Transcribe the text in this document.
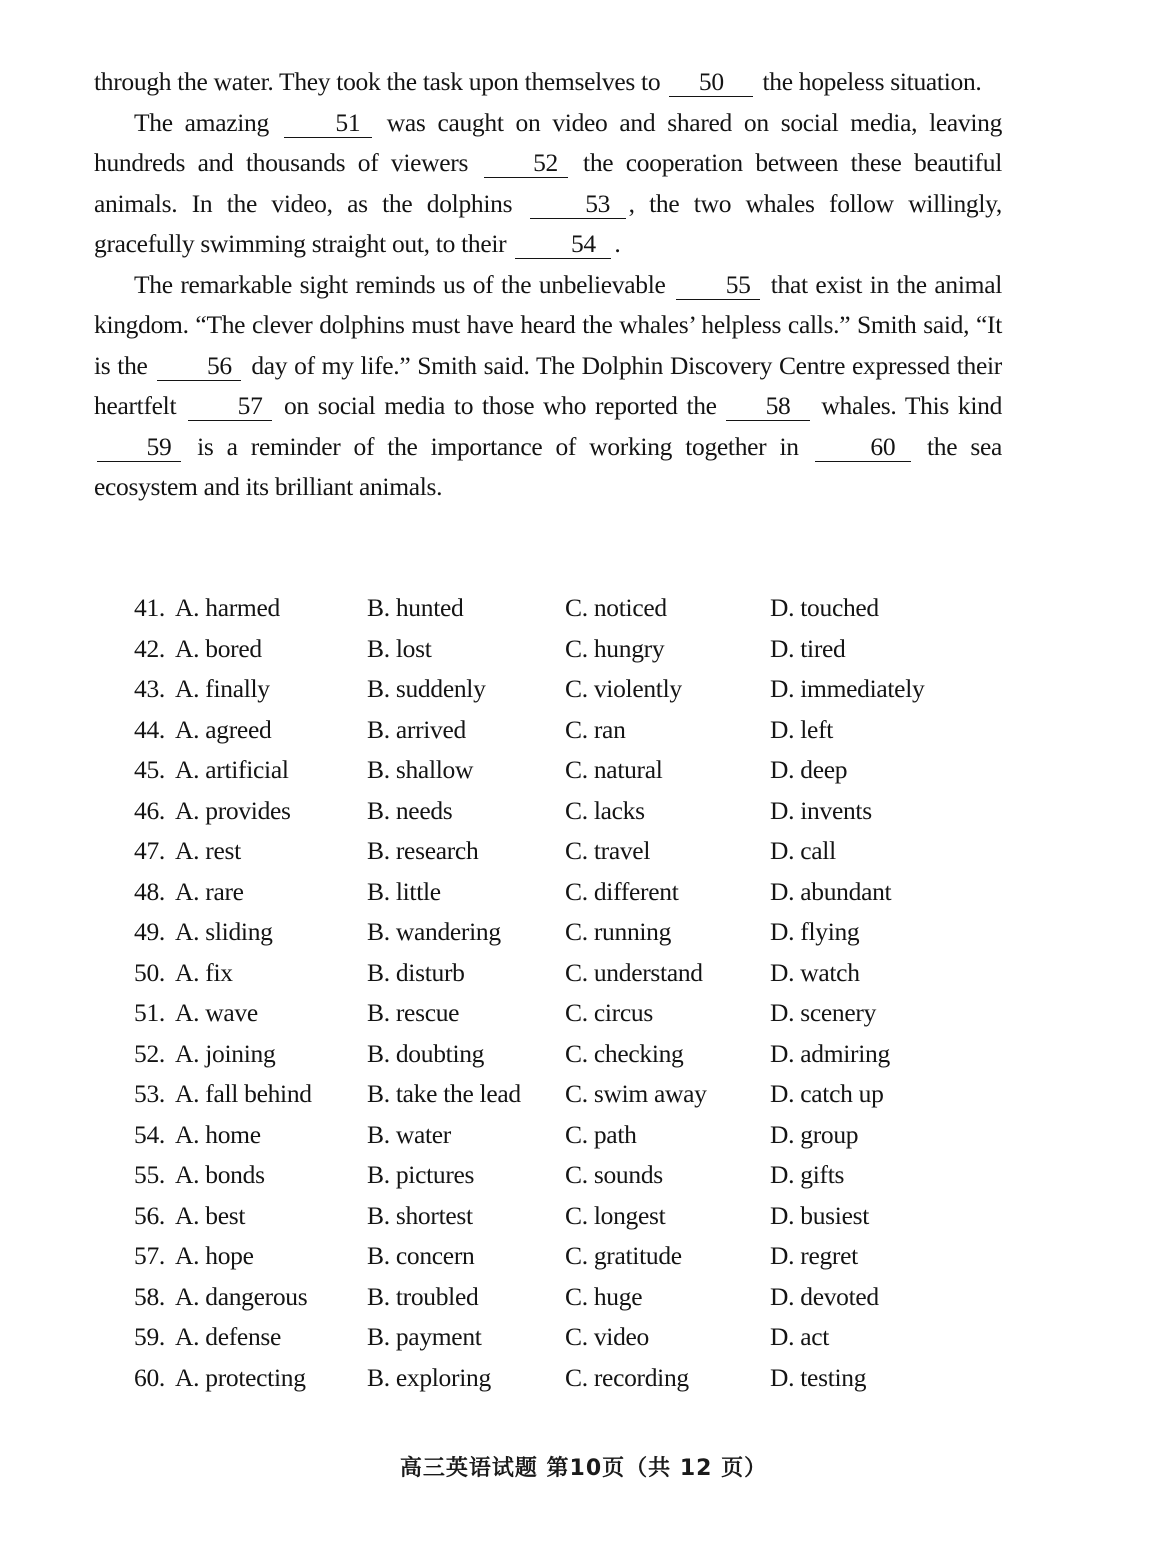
through the water. They took the task upon themselves to 50 the hopeless situation.

The amazing	51 was caught on video and shared on social media, leaving hundreds and thousands of viewers	52 the cooperation between these beautiful animals. In the video, as the dolphins	53 , the two whales follow willingly, gracefully swimming straight out, to their	54 .

The remarkable sight reminds us of the unbelievable 55 that exist in the animal kingdom. “The clever dolphins must have heard the whales’ helpless calls.” Smith said, “It is the 56 day of my life.” Smith said. The Dolphin Discovery Centre expressed their heartfelt 57 on social media to those who reported the 58 whales. This kind 59 is a reminder of the importance of working together in	60 the sea ecosystem and its brilliant animals.

41. A. harmed	B. hunted	C. noticed	D. touched
42. A. bored	B. lost	C. hungry	D. tired
43. A. finally	B. suddenly	C. violently	D. immediately
44. A. agreed	B. arrived	C. ran	D. left
45. A. artificial	B. shallow	C. natural	D. deep
46. A. provides	B. needs	C. lacks	D. invents
47. A. rest	B. research	C. travel	D. call
48. A. rare	B. little	C. different	D. abundant
49. A. sliding	B. wandering	C. running	D. flying
50. A. fix	B. disturb	C. understand	D. watch
51. A. wave	B. rescue	C. circus	D. scenery
52. A. joining	B. doubting	C. checking	D. admiring
53. A. fall behind B. take the lead C. swim away D. catch up
54. A. home	B. water	C. path	D. group
55. A. bonds	B. pictures	C. sounds	D. gifts
56. A. best	B. shortest	C. longest	D. busiest
57. A. hope	B. concern	C. gratitude	D. regret
58. A. dangerous B. troubled	C. huge	D. devoted
59. A. defense	B. payment	C. video	D. act
60. A. protecting B. exploring	C. recording	D. testing
高三英语试题 第10页（共 12 页）
